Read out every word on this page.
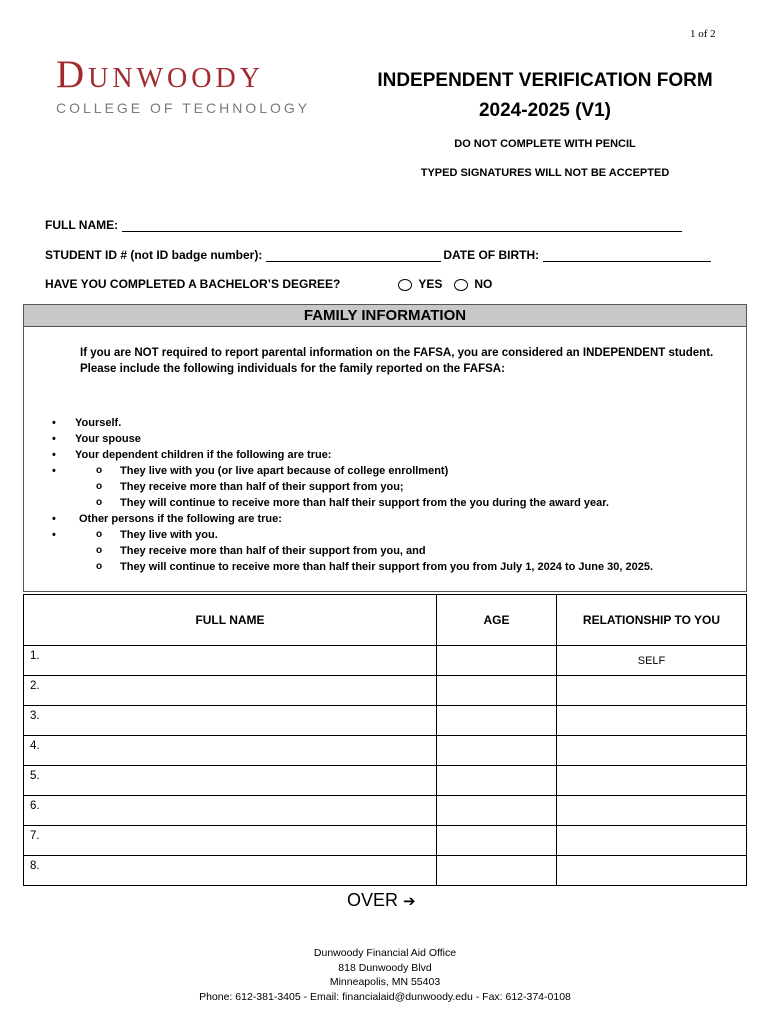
1 of 2
DUNWOODY
COLLEGE OF TECHNOLOGY
INDEPENDENT VERIFICATION FORM
2024-2025 (V1)
DO NOT COMPLETE WITH PENCIL
TYPED SIGNATURES WILL NOT BE ACCEPTED
FULL NAME:
STUDENT ID # (not ID badge number):	DATE OF BIRTH:
HAVE YOU COMPLETED A BACHELOR’S DEGREE?	YES	NO
FAMILY INFORMATION
If you are NOT required to report parental information on the FAFSA, you are considered an INDEPENDENT student.
Please include the following individuals for the family reported on the FAFSA:
• Yourself.
• Your spouse
• Your dependent children if the following are true:
o • They live with you (or live apart because of college enrollment)
o They receive more than half of their support from you;
o They will continue to receive more than half their support from the you during the award year.
• Other persons if the following are true:
o • They live with you.
o They receive more than half of their support from you, and
o They will continue to receive more than half their support from you from July 1, 2024 to June 30, 2025.
FULL NAME	AGE	RELATIONSHIP TO YOU
1.		SELF
2.		
3.		
4.		
5.		
6.		
7.		
8.		
OVER ➔
Dunwoody Financial Aid Office
818 Dunwoody Blvd
Minneapolis, MN 55403
Phone: 612-381-3405 - Email: financialaid@dunwoody.edu - Fax: 612-374-0108
